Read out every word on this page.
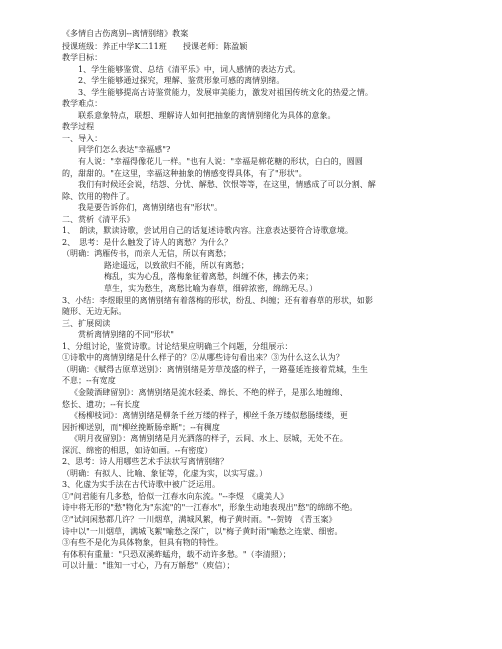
《多情自古伤离别--离情别绪》教案
授课班级：养正中学K二11班　　授课老师：陈盈颖
教学目标：
1、学生能够鉴赏、总结《清平乐》中，词人感情的表达方式。
2、学生能够通过探究，理解、鉴赏形象可感的离情别绪。
3、学生能够提高古诗鉴赏能力，发展审美能力，激发对祖国传统文化的热爱之情。
教学难点：
联系意象特点，联想、理解诗人如何把抽象的离情别绪化为具体的意象。
教学过程
一、导入：
同学们怎么表达"幸福感"?
有人说："幸福得像花儿一样。"也有人说："幸福是棉花糖的形状，白白的，圆圆
的，甜甜的。"在这里，幸福这种抽象的情感变得具体，有了"形状"。
我们有时候还会说，结怨、分忧、解愁、饮恨等等，在这里，情感成了可以分割、解
除、饮用的物件了。
我是要告诉你们，离情别绪也有"形状"。
二、赏析《清平乐》
1、　朗读，默读诗歌，尝试用自己的话复述诗歌内容。注意表达要符合诗歌意境。
2、　思考：是什么触发了诗人的离愁？为什么？
（明确：鸿雁传书，而亲人无信，所以有离愁；
路途遥远，以致欲归不能，所以有离愁；
梅乱，实为心乱，落梅象征着离愁，纠缠不休，拂去仍来；
草生，实为愁生，离愁比喻为春草，细碎浓密，绵绵无尽。）
3、小结：李煜眼里的离情别绪有着落梅的形状，纷乱、纠缠；还有着春草的形状，如影
随形、无边无际。
三、扩展阅读
赏析离情别绪的不同"形状"
1、分组讨论，鉴赏诗歌。讨论结果应明确三个问题，分组展示：
①诗歌中的离情别绪是什么样子的？②从哪些诗句看出来？③为什么这么认为？
（明确：《赋得古原草送别》：离情别绪是芳草茂盛的样子，一路蔓延连接着荒城，生生
不息；--有宽度
《金陵酒肆留别》：离情别绪是流水轻柔、绵长、不绝的样子，是那么地缠绵、
悠长、遗功；--有长度
《杨柳枝词》：离情别绪是柳条千丝万缕的样子，柳丝千条万缕似愁肠缕缕，更
因折柳送别，而"柳丝挽断肠牵断"；--有稠度
《明月夜留别》：离情别绪是月光洒落的样子，云间、水上、层城，无处不在。
深沉、绵密的相思，如诗如画。--有密度）
2、思考：诗人用哪些艺术手法状写离情别绪？
（明确：有拟人、比喻、象征等，化虚为实，以实写虚。）
3、化虚为实手法在古代诗歌中被广泛运用。
①"问君能有几多愁，恰似一江春水向东流。"--李煜　《虞美人》
诗中将无形的"愁"物化为"东流"的"一江春水"，形象生动地表现出"愁"的绵绵不绝。
②"试问闲愁都几许？一川烟草，满城风絮，梅子黄时雨。"--贺铸　《青玉案》
诗中以"一川烟草，满城飞絮"喻愁之深广，以"梅子黄时雨"喻愁之连蒙、细密。
③有些不是化为具体物象，但具有物的特性。
有体积有重量："只恐双溪蚱蜢舟，载不动许多愁。"（李清照）；
可以计量："谁知一寸心，乃有万斛愁"（庾信）；
